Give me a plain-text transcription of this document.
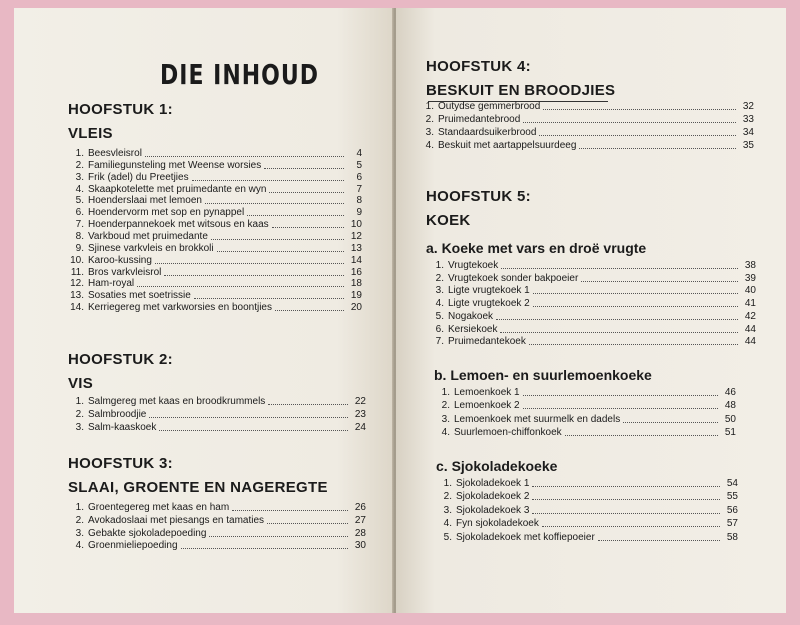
DIE INHOUD
HOOFSTUK 1:
VLEIS
HOOFSTUK 2:
VIS
HOOFSTUK 3:
SLAAI, GROENTE EN NAGEREGTE
HOOFSTUK 4:
BESKUIT EN BROODJIES
HOOFSTUK 5:
KOEK
a. Koeke met vars en droë vrugte
b. Lemoen- en suurlemoenkoeke
c. Sjokoladekoeke
1. Beesvleisrol	4
2. Familiegunsteling met Weense worsies	5
3. Frik (adel) du Preetjies	6
4. Skaapkotelette met pruimedante en wyn	7
5. Hoenderslaai met lemoen	8
6. Hoendervorm met sop en pynappel	9
7. Hoenderpannekoek met witsous en kaas	10
8. Varkboud met pruimedante	12
9. Sjinese varkvleis en brokkoli	13
10. Karoo-kussing	14
11. Bros varkvleisrol	16
12. Ham-royal	18
13. Sosaties met soetrissie	19
14. Kerriegereg met varkworsies en boontjies	20
1. Salmgereg met kaas en broodkrummels	22
2. Salmbroodjie	23
3. Salm-kaaskoek	24
1. Groentegereg met kaas en ham	26
2. Avokadoslaai met piesangs en tamaties	27
3. Gebakte sjokoladepoeding	28
4. Groenmieliepoeding	30
1. Outydse gemmerbrood	32
2. Pruimedantebrood	33
3. Standaardsuikerbrood	34
4. Beskuit met aartappelsuurdeeg	35
1. Vrugtekoek	38
2. Vrugtekoek sonder bakpoeier	39
3. Ligte vrugtekoek 1	40
4. Ligte vrugtekoek 2	41
5. Nogakoek	42
6. Kersiekoek	44
7. Pruimedantekoek	44
1. Lemoenkoek 1	46
2. Lemoenkoek 2	48
3. Lemoenkoek met suurmelk en dadels	50
4. Suurlemoen-chiffonkoek	51
1. Sjokoladekoek 1	54
2. Sjokoladekoek 2	55
3. Sjokoladekoek 3	56
4. Fyn sjokoladekoek	57
5. Sjokoladekoek met koffiepoeier	58
